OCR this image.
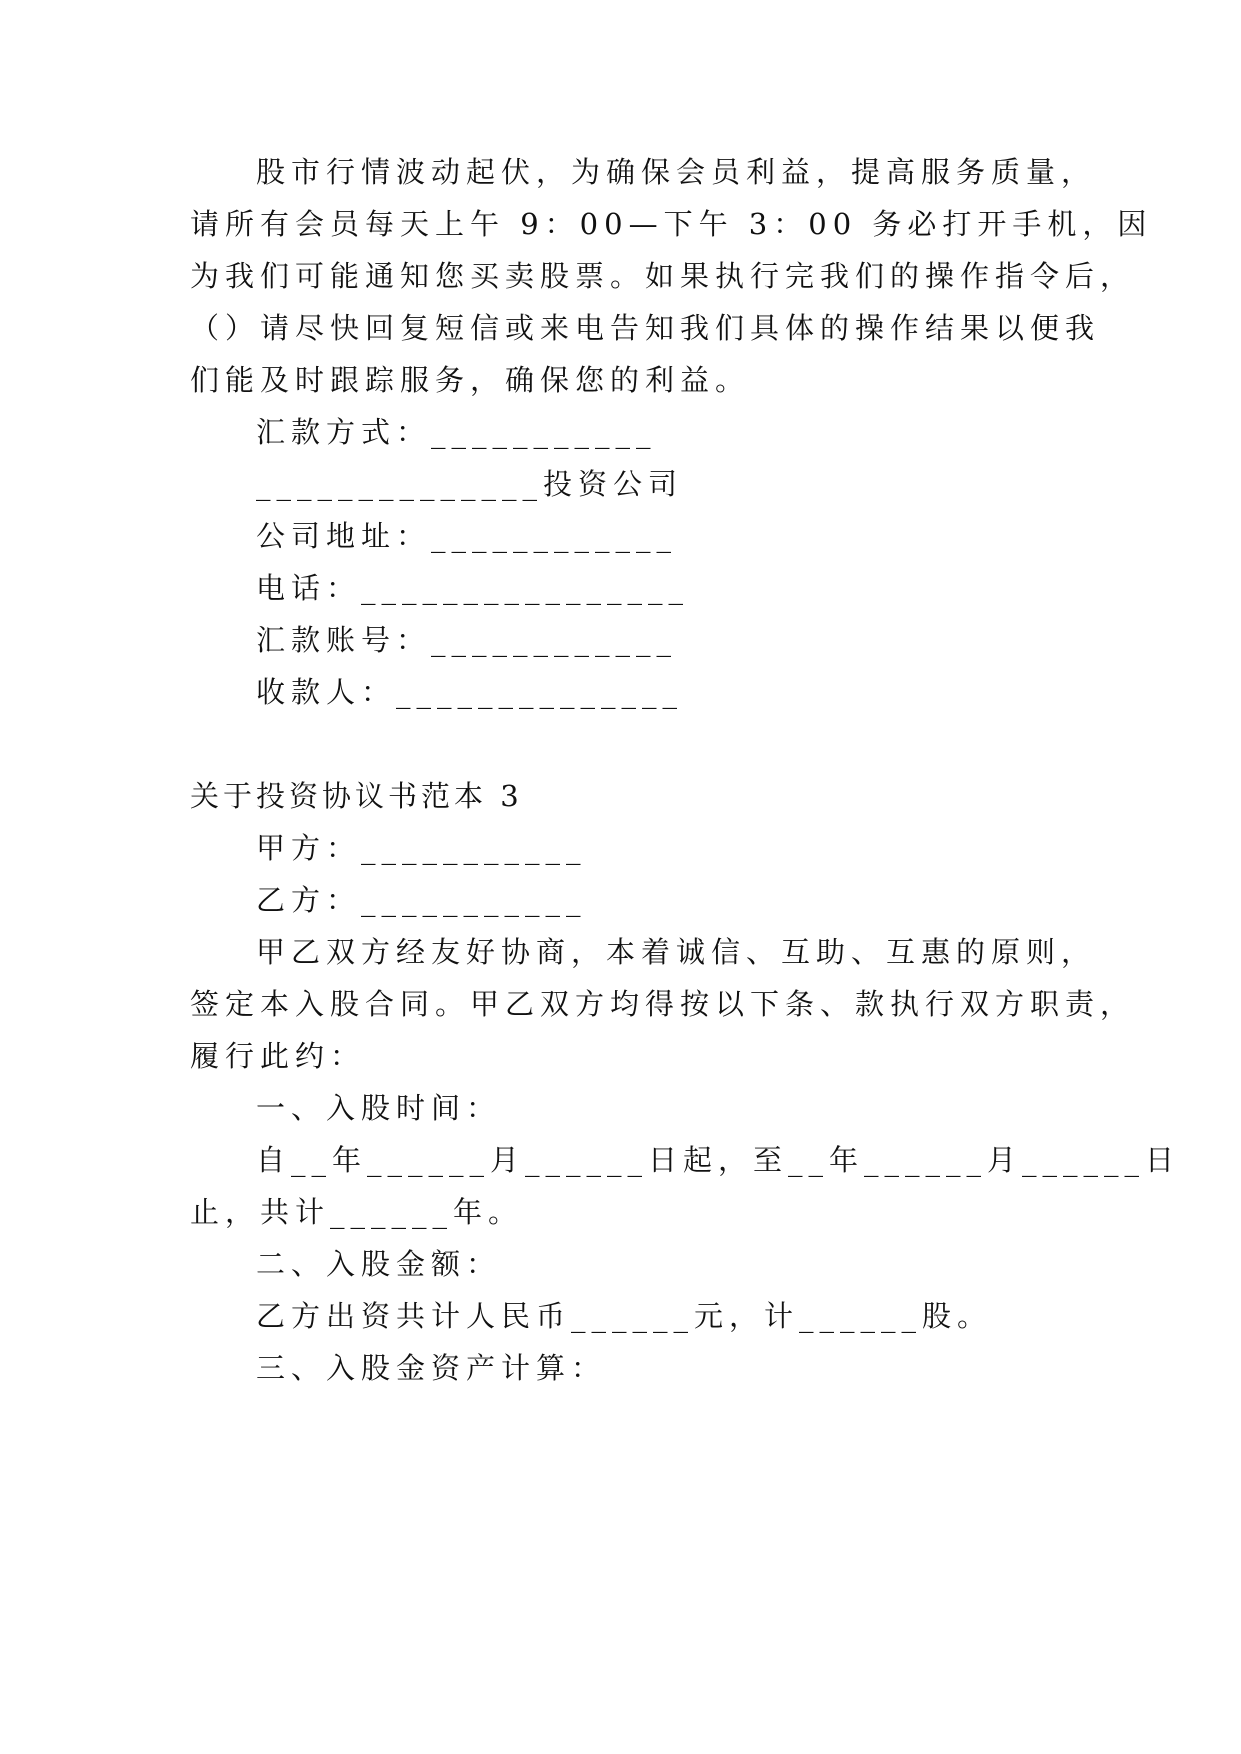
股市行情波动起伏，为确保会员利益，提高服务质量，
请所有会员每天上午 9：00—下午 3：00 务必打开手机，因
为我们可能通知您买卖股票。如果执行完我们的操作指令后，
（）请尽快回复短信或来电告知我们具体的操作结果以便我
们能及时跟踪服务，确保您的利益。
汇款方式：___________
______________投资公司
公司地址：____________
电话：________________
汇款账号：____________
收款人：______________
关于投资协议书范本 3
甲方：___________
乙方：___________
甲乙双方经友好协商，本着诚信、互助、互惠的原则，
签定本入股合同。甲乙双方均得按以下条、款执行双方职责，
履行此约：
一、入股时间：
自__年______月______日起，至__年______月______日
止，共计______年。
二、入股金额：
乙方出资共计人民币______元，计______股。
三、入股金资产计算：
